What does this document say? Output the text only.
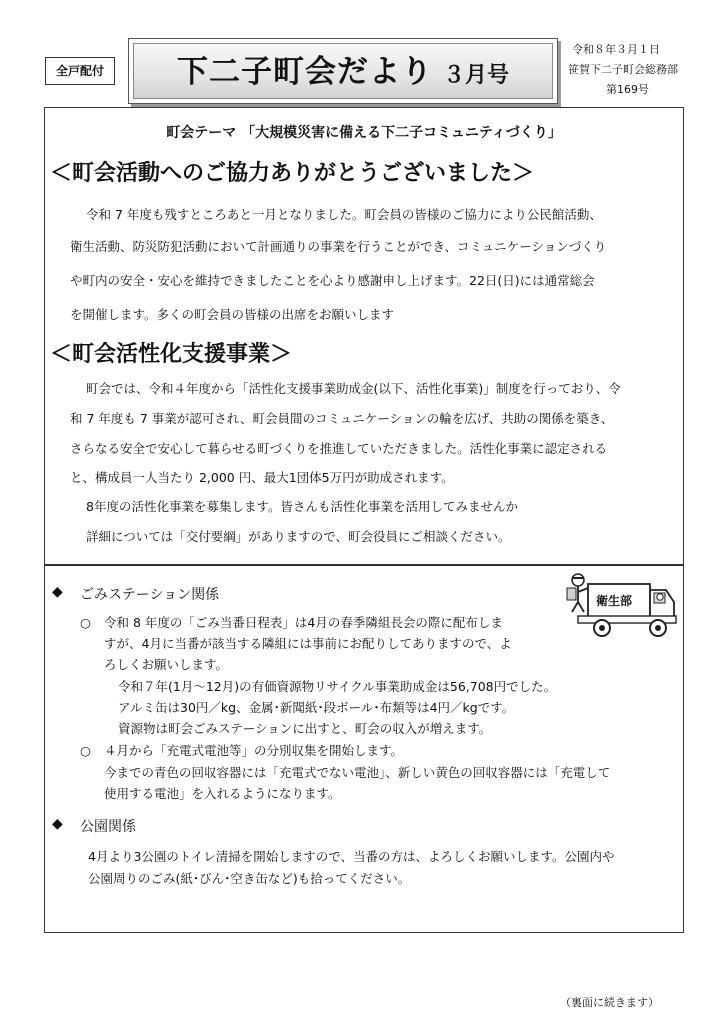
全戸配付	下二子町会だより ３月号
令和８年３月１日
笹賀下二子町会総務部
第169号
町会テーマ 「大規模災害に備える下二子コミュニティづくり」
＜町会活動へのご協力ありがとうございました＞
令和 7 年度も残すところあと一月となりました。町会員の皆様のご協力により公民館活動、
衛生活動、防災防犯活動において計画通りの事業を行うことができ、コミュニケーションづくり
や町内の安全・安心を維持できましたことを心より感謝申し上げます。22日(日)には通常総会
を開催します。多くの町会員の皆様の出席をお願いします
＜町会活性化支援事業＞
町会では、令和４年度から「活性化支援事業助成金(以下、活性化事業)」制度を行っており、令
和 7 年度も 7 事業が認可され、町会員間のコミュニケーションの輪を広げ、共助の関係を築き、
さらなる安全で安心して暮らせる町づくりを推進していただきました。活性化事業に認定される
と、構成員一人当たり 2,000 円、最大1団体5万円が助成されます。
8年度の活性化事業を募集します。皆さんも活性化事業を活用してみませんか
詳細については「交付要綱」がありますので、町会役員にご相談ください。
◆ ごみステーション関係	衛生部
○ 令和 8 年度の「ごみ当番日程表」は4月の春季隣組長会の際に配布しま
すが、4月に当番が該当する隣組には事前にお配りしてありますので、よ
ろしくお願いします。
令和７年(1月～12月)の有価資源物リサイクル事業助成金は56,708円でした。
アルミ缶は30円／kg、金属･新聞紙･段ボール･布類等は4円／kgです。
資源物は町会ごみステーションに出すと、町会の収入が増えます。
○ ４月から「充電式電池等」の分別収集を開始します。
今までの青色の回収容器には「充電式でない電池」、新しい黄色の回収容器には「充電して
使用する電池」を入れるようになります。
◆ 公園関係
4月より3公園のトイレ清掃を開始しますので、当番の方は、よろしくお願いします。公園内や
公園周りのごみ(紙･びん･空き缶など)も拾ってください。
（裏面に続きます）
